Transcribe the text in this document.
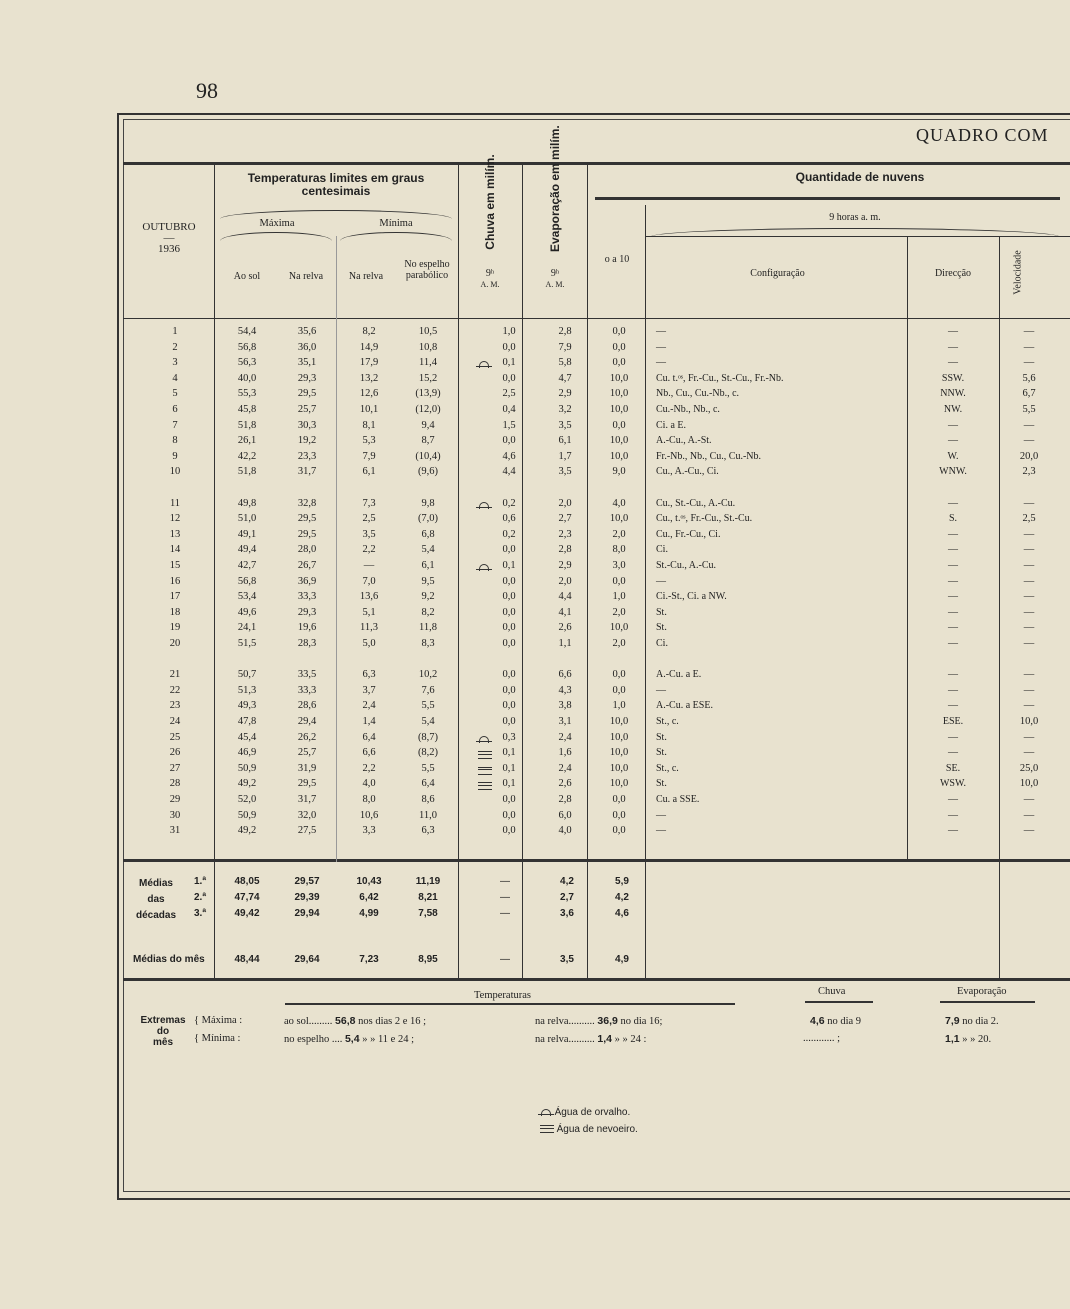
98
QUADRO COM
OUTUBRO
—
1936
Temperaturas limites em graus centesimais
Máxima	Mínima
Ao sol	Na relva	Na relva
No espelho parabólico
Chuva em milím.	Evaporação em milím.
9ʰ
A. M.
9ʰ
A. M.
Quantidade de nuvens
o a 10
9 horas a. m.
Configuração	Direcção	Velocidade
1	54,4	35,6	8,2	10,5	1,0	2,8	0,0	—	—	—
2	56,8	36,0	14,9	10,8	0,0	7,9	0,0	—	—	—
3	56,3	35,1	17,9	11,4	0,1	5,8	0,0	—	—	—
4	40,0	29,3	13,2	15,2	0,0	4,7	10,0	Cu. t.ᵒˢ, Fr.-Cu., St.-Cu., Fr.-Nb.	SSW.	5,6
5	55,3	29,5	12,6	(13,9)	2,5	2,9	10,0	Nb., Cu., Cu.-Nb., c.	NNW.	6,7
6	45,8	25,7	10,1	(12,0)	0,4	3,2	10,0	Cu.-Nb., Nb., c.	NW.	5,5
7	51,8	30,3	8,1	9,4	1,5	3,5	0,0	Ci. a E.	—	—
8	26,1	19,2	5,3	8,7	0,0	6,1	10,0	A.-Cu., A.-St.	—	—
9	42,2	23,3	7,9	(10,4)	4,6	1,7	10,0	Fr.-Nb., Nb., Cu., Cu.-Nb.	W.	20,0
10	51,8	31,7	6,1	(9,6)	4,4	3,5	9,0	Cu., A.-Cu., Ci.	WNW.	2,3
11	49,8	32,8	7,3	9,8	0,2	2,0	4,0	Cu., St.-Cu., A.-Cu.	—	—
12	51,0	29,5	2,5	(7,0)	0,6	2,7	10,0	Cu., t.ᵒˢ, Fr.-Cu., St.-Cu.	S.	2,5
13	49,1	29,5	3,5	6,8	0,2	2,3	2,0	Cu., Fr.-Cu., Ci.	—	—
14	49,4	28,0	2,2	5,4	0,0	2,8	8,0	Ci.	—	—
15	42,7	26,7	—	6,1	0,1	2,9	3,0	St.-Cu., A.-Cu.	—	—
16	56,8	36,9	7,0	9,5	0,0	2,0	0,0	—	—	—
17	53,4	33,3	13,6	9,2	0,0	4,4	1,0	Ci.-St., Ci. a NW.	—	—
18	49,6	29,3	5,1	8,2	0,0	4,1	2,0	St.	—	—
19	24,1	19,6	11,3	11,8	0,0	2,6	10,0	St.	—	—
20	51,5	28,3	5,0	8,3	0,0	1,1	2,0	Ci.	—	—
21	50,7	33,5	6,3	10,2	0,0	6,6	0,0	A.-Cu. a E.	—	—
22	51,3	33,3	3,7	7,6	0,0	4,3	0,0	—	—	—
23	49,3	28,6	2,4	5,5	0,0	3,8	1,0	A.-Cu. a ESE.	—	—
24	47,8	29,4	1,4	5,4	0,0	3,1	10,0	St., c.	ESE.	10,0
25	45,4	26,2	6,4	(8,7)	0,3	2,4	10,0	St.	—	—
26	46,9	25,7	6,6	(8,2)	0,1	1,6	10,0	St.	—	—
27	50,9	31,9	2,2	5,5	0,1	2,4	10,0	St., c.	SE.	25,0
28	49,2	29,5	4,0	6,4	0,1	2,6	10,0	St.	WSW.	10,0
29	52,0	31,7	8,0	8,6	0,0	2,8	0,0	Cu. a SSE.	—	—
30	50,9	32,0	10,6	11,0	0,0	6,0	0,0	—	—	—
31	49,2	27,5	3,3	6,3	0,0	4,0	0,0	—	—	—
Médias
das
décadas
1.ª	48,05	29,57	10,43	11,19	—	4,2	5,9
2.ª	47,74	29,39	6,42	8,21	—	2,7	4,2
3.ª	49,42	29,94	4,99	7,58	—	3,6	4,6
Médias do mês	48,44	29,64	7,23	8,95	—	3,5	4,9
Extremas
do
mês
Temperaturas	Chuva	Evaporação
{ Máxima :
{ Mínima :
ao sol......... 56,8 nos dias 2 e 16 ;	na relva.......... 36,9 no dia 16;	4,6 no dia 9	7,9 no dia 2.
no espelho .... 5,4 » » 11 e 24 ;	na relva.......... 1,4 » » 24 :	............ ;	1,1 » » 20.
Água de orvalho.
Água de nevoeiro.
